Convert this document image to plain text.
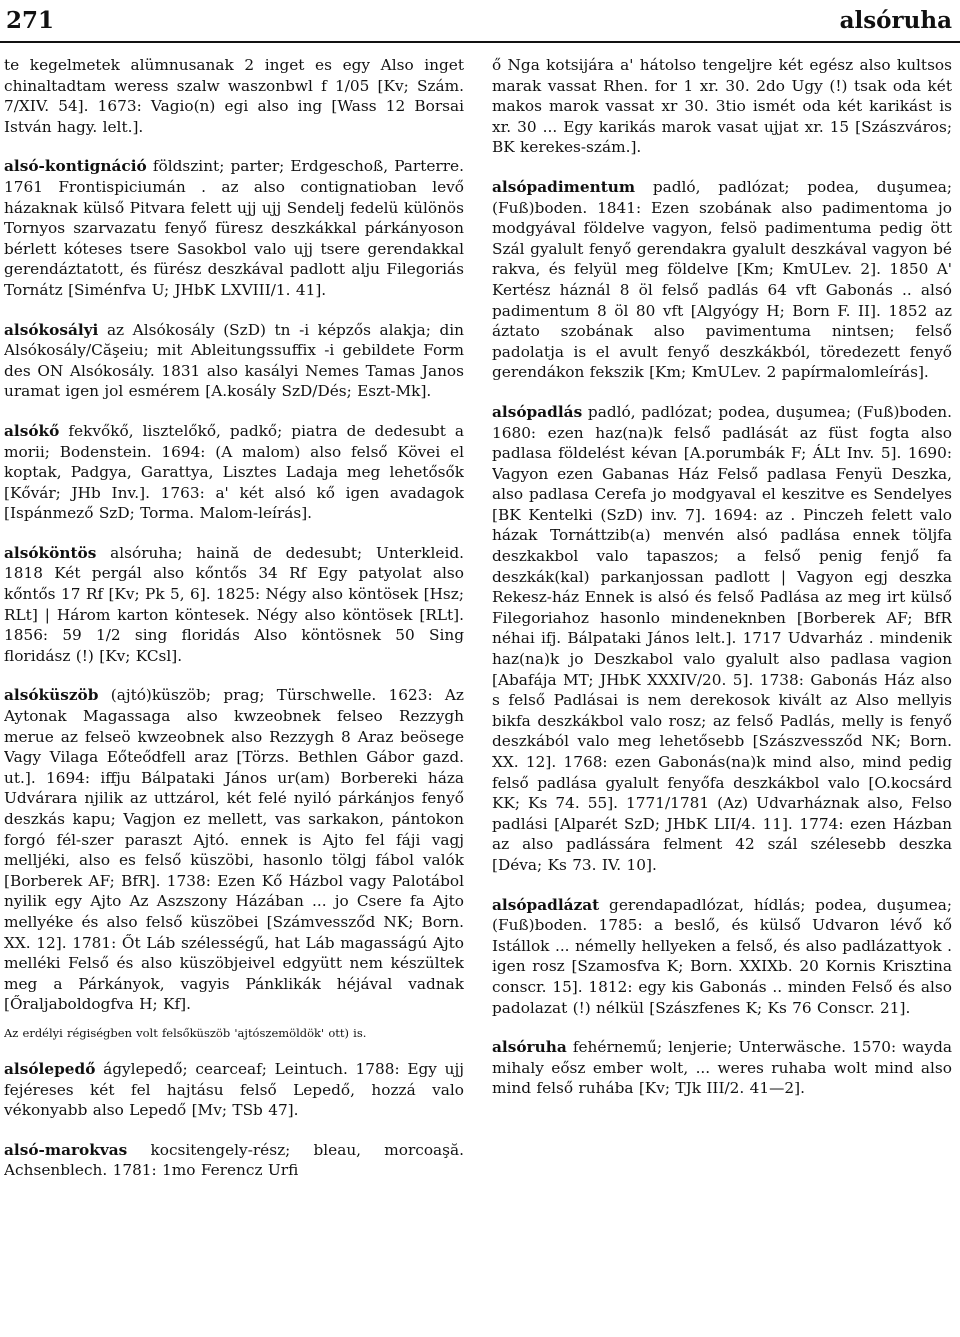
271	alsóruha

te kegelmetek alümnusanak 2 inget es egy Also inget chinaltadtam weress szalw waszonbwl f 1/05 [Kv; Szám. 7/XIV. 54]. 1673: Vagio(n) egi also ing [Wass 12 Borsai István hagy. lelt.].

alsó-kontignáció földszint; parter; Erdgeschoß, Parterre. 1761 Frontispiciumán . az also contignatioban levő házaknak külső Pitvara felett ujj ujj Sendelj fedelü különös Tornyos szarvazatu fenyő füresz deszkákkal párkányoson bérlett kóteses tsere Sasokbol valo ujj tsere gerendakkal gerendáztatott, és fürész deszkával padlott alju Filegoriás Tornátz [Siménfva U; JHbK LXVIII/1. 41].

alsókosályi az Alsókosály (SzD) tn -i képzős alakja; din Alsókosály/Căşeiu; mit Ableitungssuffix -i gebildete Form des ON Alsókosály. 1831 also kasályi Nemes Tamas Janos uramat igen jol esmérem [A.kosály SzD/Dés; Eszt-Mk].

alsókő fekvőkő, lisztelőkő, padkő; piatra de dedesubt a morii; Bodenstein. 1694: (A malom) also felső Kövei el koptak, Padgya, Garattya, Lisztes Ladaja meg lehetősők [Kővár; JHb Inv.]. 1763: a' két alsó kő igen avadagok [Ispánmező SzD; Torma. Malom-leírás].

alsóköntös alsóruha; haină de dedesubt; Unterkleid. 1818 Két pergál also kőntős 34 Rf Egy patyolat also kőntős 17 Rf [Kv; Pk 5, 6]. 1825: Négy also köntösek [Hsz; RLt] | Három karton köntesek. Négy also köntösek [RLt]. 1856: 59 1/2 sing floridás Also köntösnek 50 Sing floridász (!) [Kv; KCsl].

alsóküszöb (ajtó)küszöb; prag; Türschwelle. 1623: Az Aytonak Magassaga also kwzeobnek felseo Rezzygh merue az felseö kwzeobnek also Rezzygh 8 Araz beösege Vagy Vilaga Eőteődfell araz [Törzs. Bethlen Gábor gazd. ut.]. 1694: iffju Bálpataki János ur(am) Borbereki háza Udvárara njilik az uttzárol, két felé nyiló párkánjos fenyő deszkás kapu; Vagjon ez mellett, vas sarkakon, pántokon forgó fél-szer paraszt Ajtó. ennek is Ajto fel fáji vagj melljéki, also es felső küszöbi, hasonlo tölgj fábol valók [Borberek AF; BfR]. 1738: Ezen Kő Házbol vagy Palotábol nyilik egy Ajto Az Aszszony Házában ... jo Csere fa Ajto mellyéke és also felső küszöbei [Számvessződ NK; Born. XX. 12]. 1781: Őt Láb szélességű, hat Láb magasságú Ajto melléki Felső és also küszöbjeivel edgyütt nem készültek meg a Párkányok, vagyis Pánklikák héjával vadnak [Őraljaboldogfva H; Kf].

Az erdélyi régiségben volt felsőküszöb 'ajtószemöldök' ott) is.

alsólepedő ágylepedő; cearceaf; Leintuch. 1788: Egy ujj fejéreses két fel hajtásu felső Lepedő, hozzá valo vékonyabb also Lepedő [Mv; TSb 47].

alsó-marokvas kocsitengely-rész; bleau, morcoaşă. Achsenblech. 1781: 1mo Ferencz Urfi

ő Nga kotsijára a' hátolso tengeljre két egész also kultsos marak vassat Rhen. for 1 xr. 30. 2do Ugy (!) tsak oda két makos marok vassat xr 30. 3tio ismét oda két karikást is xr. 30 ... Egy karikás marok vasat ujjat xr. 15 [Szászváros; BK kerekes-szám.].

alsópadimentum padló, padlózat; podea, duşumea; (Fuß)boden. 1841: Ezen szobának also padimentoma jo modgyával földelve vagyon, felsö padimentuma pedig ött Szál gyalult fenyő gerendakra gyalult deszkával vagyon bé rakva, és felyül meg földelve [Km; KmULev. 2]. 1850 A' Kertész háznál 8 öl felső padlás 64 vft Gabonás .. alsó padimentum 8 öl 80 vft [Algyógy H; Born F. II]. 1852 az áztato szobának also pavimentuma nintsen; felső padolatja is el avult fenyő deszkákból, töredezett fenyő gerendákon fekszik [Km; KmULev. 2 papírmalomleírás].

alsópadlás padló, padlózat; podea, duşumea; (Fuß)boden. 1680: ezen haz(na)k felső padlását az füst fogta also padlasa földelést kévan [A.porumbák F; ÁLt Inv. 5]. 1690: Vagyon ezen Gabanas Ház Felső padlasa Fenyü Deszka, also padlasa Cerefa jo modgyaval el keszitve es Sendelyes [BK Kentelki (SzD) inv. 7]. 1694: az . Pinczeh felett valo házak Tornáttzib(a) menvén alsó padlása ennek töljfa deszkakbol valo tapaszos; a felső penig fenjő fa deszkák(kal) parkanjossan padlott | Vagyon egj deszka Rekesz-ház Ennek is alsó és felső Padlása az meg irt külső Filegoriahoz hasonlo mindeneknben [Borberek AF; BfR néhai ifj. Bálpataki János lelt.]. 1717 Udvarház . mindenik haz(na)k jo Deszkabol valo gyalult also padlasa vagion [Abafája MT; JHbK XXXIV/20. 5]. 1738: Gabonás Ház also s felső Padlásai is nem derekosok kivált az Also mellyis bikfa deszkákbol valo rosz; az felső Padlás, melly is fenyő deszkából valo meg lehetősebb [Szászvessződ NK; Born. XX. 12]. 1768: ezen Gabonás(na)k mind also, mind pedig felső padlása gyalult fenyőfa deszkákbol valo [O.kocsárd KK; Ks 74. 55]. 1771/1781 (Az) Udvarháznak also, Felso padlási [Alparét SzD; JHbK LII/4. 11]. 1774: ezen Házban az also padlássára felment 42 szál szélesebb deszka [Déva; Ks 73. IV. 10].

alsópadlázat gerendapadlózat, hídlás; podea, duşumea; (Fuß)boden. 1785: a beslő, és külső Udvaron lévő kő Istállok ... némelly hellyeken a felső, és also padlázattyok . igen rosz [Szamosfva K; Born. XXIXb. 20 Kornis Krisztina conscr. 15]. 1812: egy kis Gabonás .. minden Felső és also padolazat (!) nélkül [Szászfenes K; Ks 76 Conscr. 21].

alsóruha fehérnemű; lenjerie; Unterwäsche. 1570: wayda mihaly eősz ember wolt, ... weres ruhaba wolt mind also mind felső ruhába [Kv; TJk III/2. 41—2].
